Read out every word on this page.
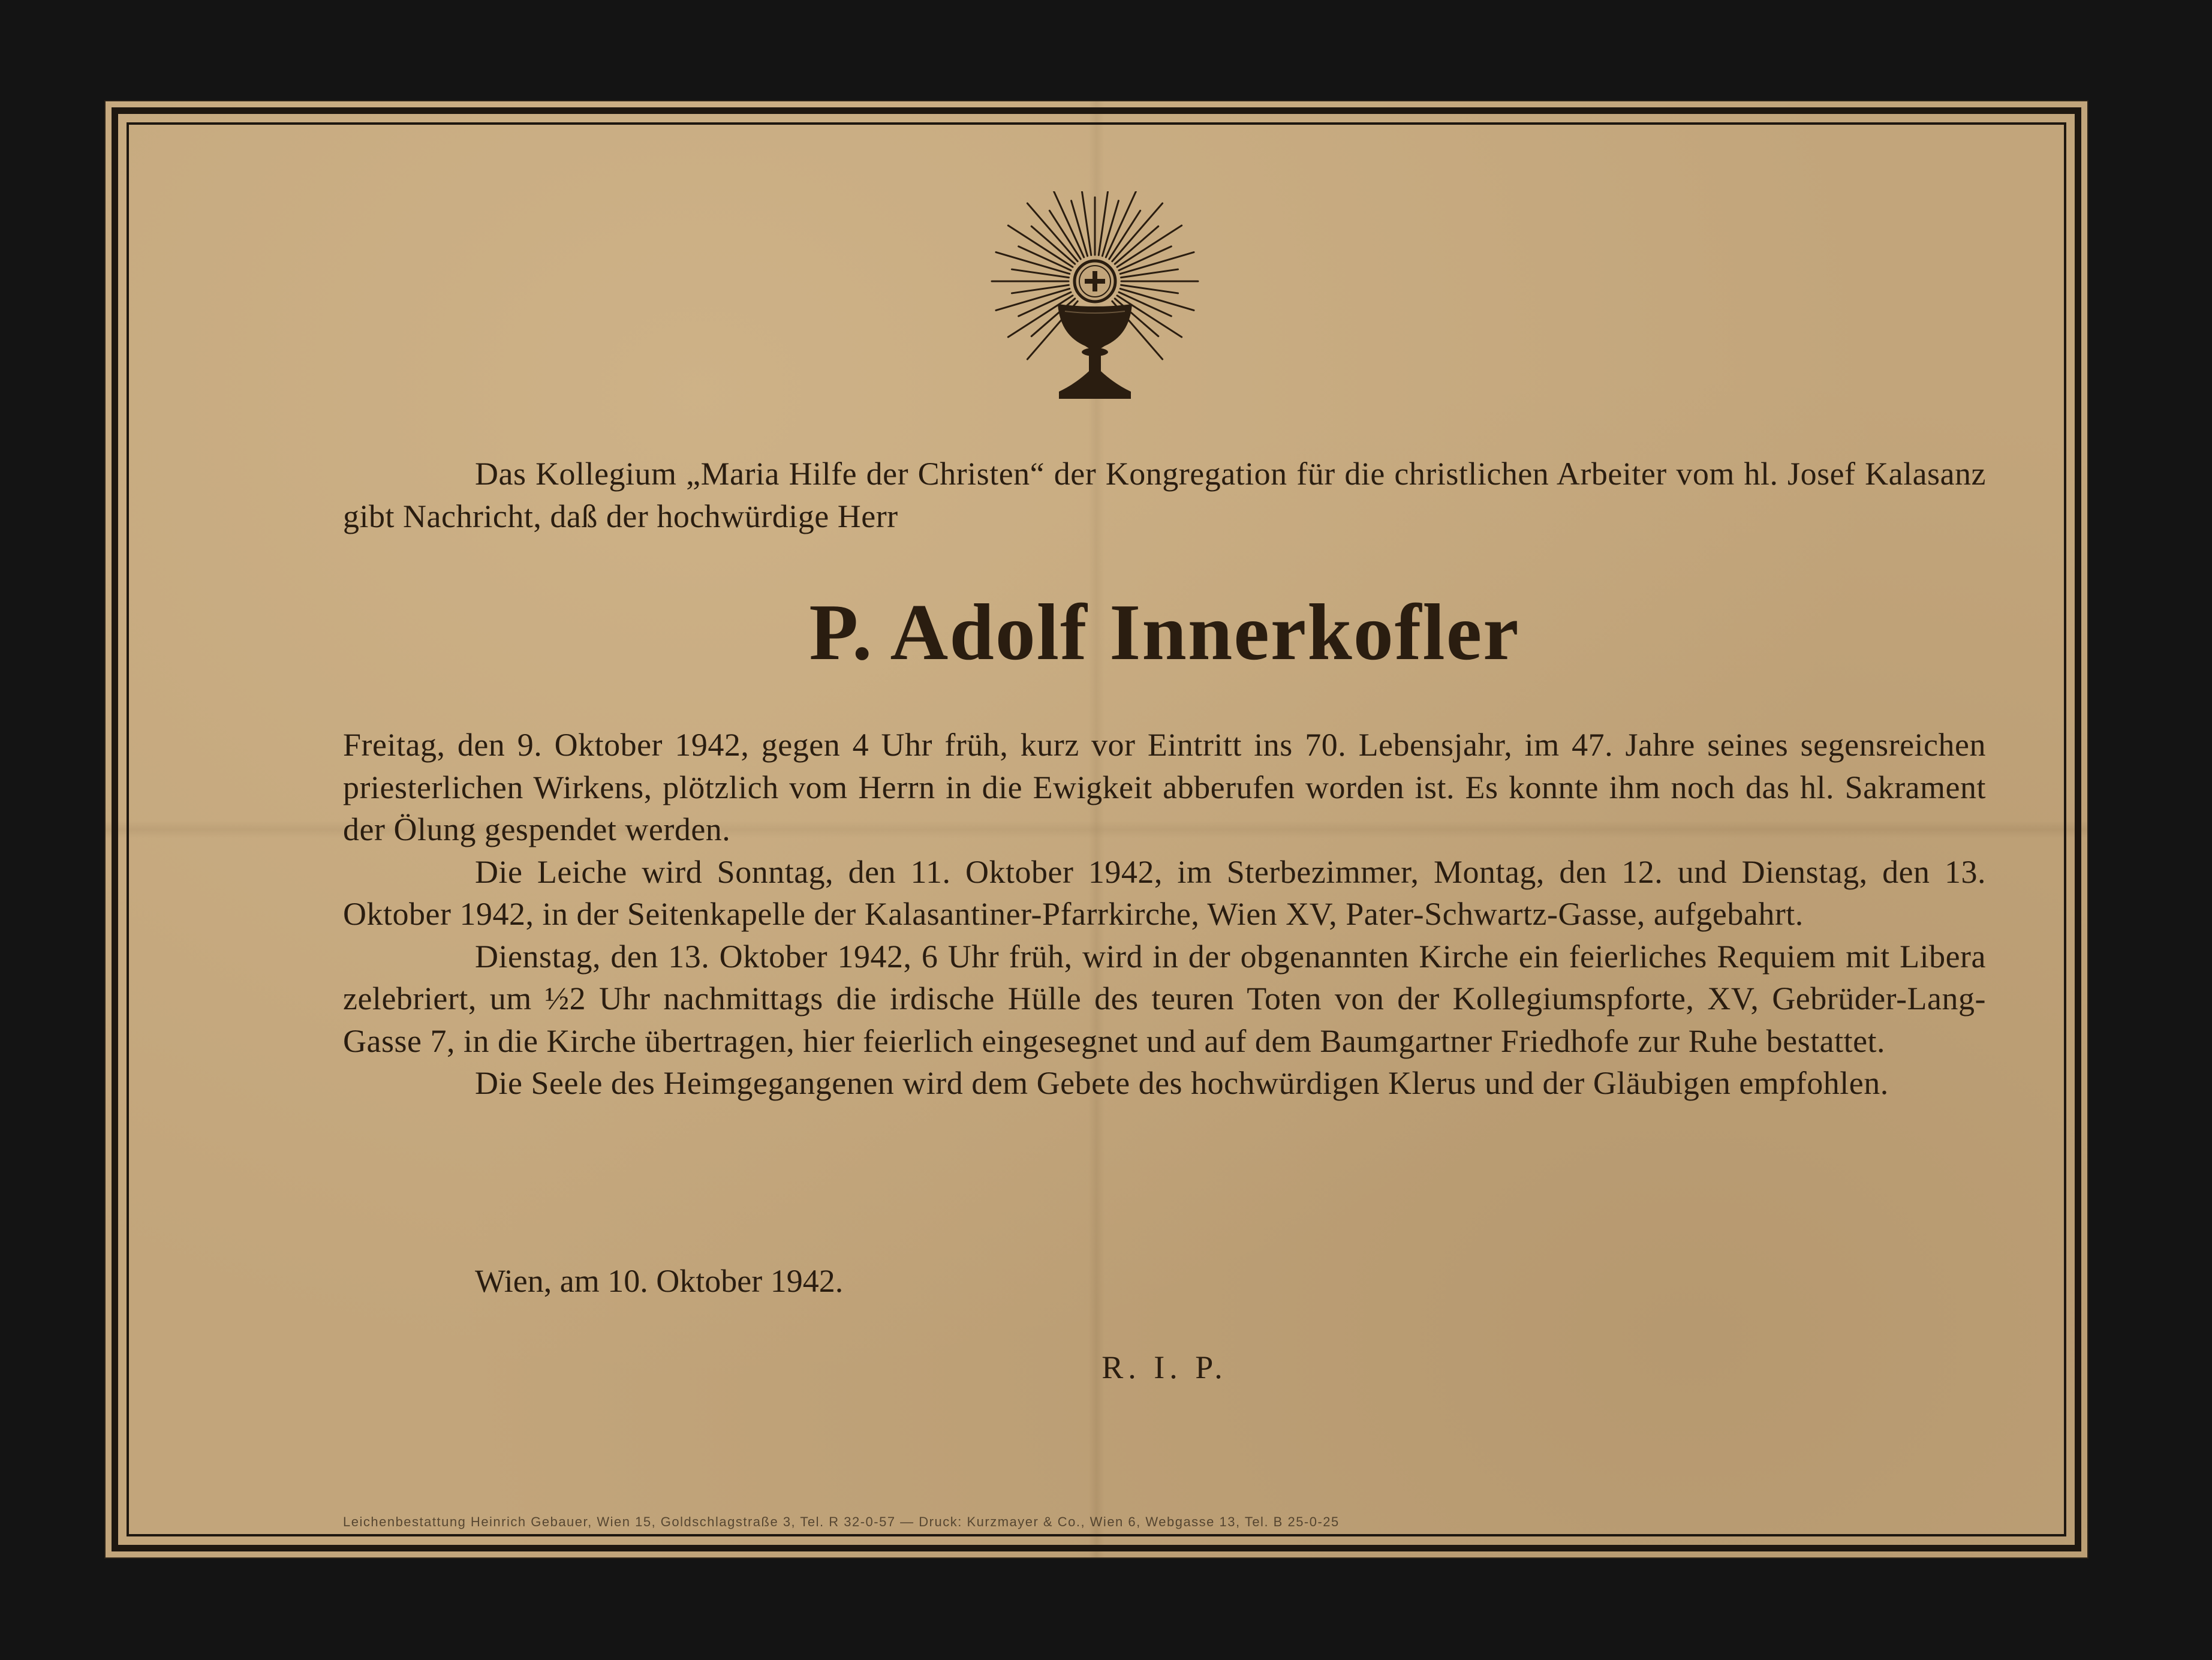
Das Kollegium „Maria Hilfe der Christen“ der Kongregation für die christlichen Arbeiter vom hl. Josef Kalasanz gibt Nachricht, daß der hochwürdige Herr

P. Adolf Innerkofler

Freitag, den 9. Oktober 1942, gegen 4 Uhr früh, kurz vor Eintritt ins 70. Lebensjahr, im 47. Jahre seines segensreichen priesterlichen Wirkens, plötzlich vom Herrn in die Ewigkeit abberufen worden ist. Es konnte ihm noch das hl. Sakrament der Ölung gespendet werden.

Die Leiche wird Sonntag, den 11. Oktober 1942, im Sterbezimmer, Montag, den 12. und Dienstag, den 13. Oktober 1942, in der Seitenkapelle der Kalasantiner-Pfarrkirche, Wien XV, Pater-Schwartz-Gasse, aufgebahrt.

Dienstag, den 13. Oktober 1942, 6 Uhr früh, wird in der obgenannten Kirche ein feierliches Requiem mit Libera zelebriert, um ½2 Uhr nachmittags die irdische Hülle des teuren Toten von der Kollegiumspforte, XV, Gebrüder-Lang-Gasse 7, in die Kirche übertragen, hier feierlich eingesegnet und auf dem Baumgartner Friedhofe zur Ruhe bestattet.

Die Seele des Heimgegangenen wird dem Gebete des hochwürdigen Klerus und der Gläubigen empfohlen.

Wien, am 10. Oktober 1942.

R. I. P.

Leichenbestattung Heinrich Gebauer, Wien 15, Goldschlagstraße 3, Tel. R 32-0-57 — Druck: Kurzmayer & Co., Wien 6, Webgasse 13, Tel. B 25-0-25
